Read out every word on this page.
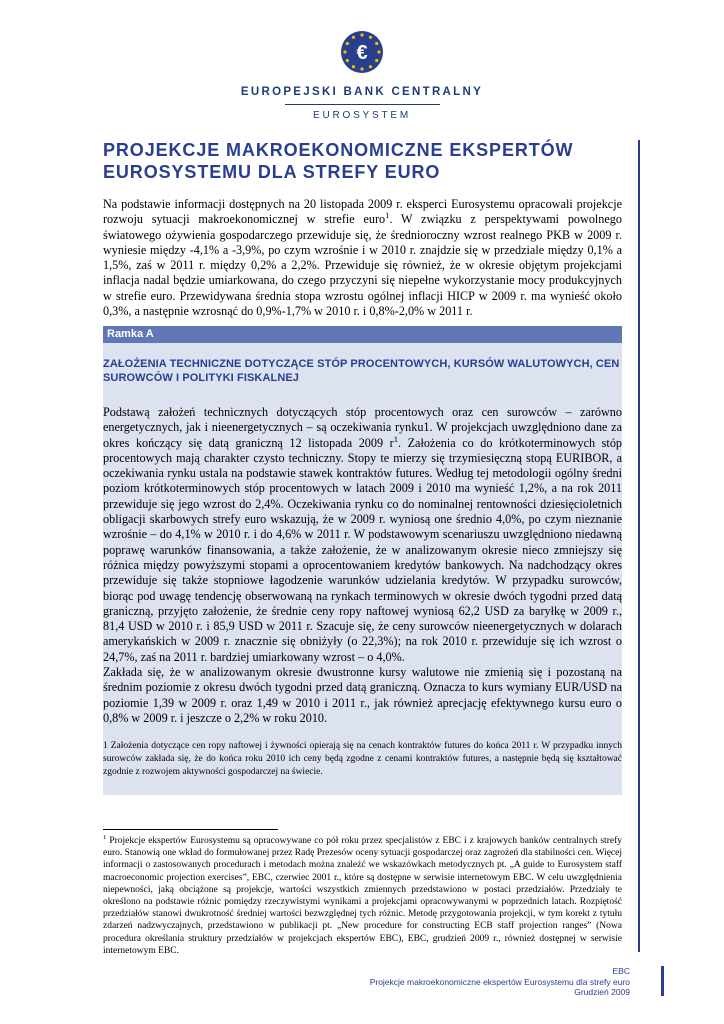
€
EUROPEJSKI BANK CENTRALNY
EUROSYSTEM
PROJEKCJE MAKROEKONOMICZNE EKSPERTÓW
EUROSYSTEMU DLA STREFY EURO

Na podstawie informacji dostępnych na 20 listopada 2009 r. eksperci Eurosystemu opracowali projekcje rozwoju sytuacji makroekonomicznej w strefie euro$^1$. W związku z perspektywami powolnego światowego ożywienia gospodarczego przewiduje się, że średnioroczny wzrost realnego PKB w 2009 r. wyniesie między -4,1% a -3,9%, po czym wzrośnie i w 2010 r. znajdzie się w przedziale między 0,1% a 1,5%, zaś w 2011 r. między 0,2% a 2,2%. Przewiduje się również, że w okresie objętym projekcjami inflacja nadal będzie umiarkowana, do czego przyczyni się niepełne wykorzystanie mocy produkcyjnych w strefie euro. Przewidywana średnia stopa wzrostu ogólnej inflacji HICP w 2009 r. ma wynieść około 0,3%, a następnie wzrosnąć do 0,9%-1,7% w 2010 r. i 0,8%-2,0% w 2011 r.

Ramka A
ZAŁOŻENIA TECHNICZNE DOTYCZĄCE STÓP PROCENTOWYCH, KURSÓW WALUTOWYCH, CEN SUROWCÓW I POLITYKI FISKALNEJ

Podstawą założeń technicznych dotyczących stóp procentowych oraz cen surowców – zarówno energetycznych, jak i nieenergetycznych – są oczekiwania rynku1. W projekcjach uwzględniono dane za okres kończący się datą graniczną 12 listopada 2009 $r^1$. Założenia co do krótkoterminowych stóp procentowych mają charakter czysto techniczny. Stopy te mierzy się trzymiesięczną stopą EURIBOR, a oczekiwania rynku ustala na podstawie stawek kontraktów futures. Według tej metodologii ogólny średni poziom krótkoterminowych stóp procentowych w latach 2009 i 2010 ma wynieść 1,2%, a na rok 2011 przewiduje się jego wzrost do 2,4%. Oczekiwania rynku co do nominalnej rentowności dziesięcioletnich obligacji skarbowych strefy euro wskazują, że w 2009 r. wyniosą one średnio 4,0%, po czym nieznanie wzrośnie – do 4,1% w 2010 r. i do 4,6% w 2011 r. W podstawowym scenariuszu uwzględniono niedawną poprawę warunków finansowania, a także założenie, że w analizowanym okresie nieco zmniejszy się różnica między powyższymi stopami a oprocentowaniem kredytów bankowych. Na nadchodzący okres przewiduje się także stopniowe łagodzenie warunków udzielania kredytów. W przypadku surowców, biorąc pod uwagę tendencję obserwowaną na rynkach terminowych w okresie dwóch tygodni przed datą graniczną, przyjęto założenie, że średnie ceny ropy naftowej wyniosą 62,2 USD za baryłkę w 2009 r., 81,4 USD w 2010 r. i 85,9 USD w 2011 r. Szacuje się, że ceny surowców nieenergetycznych w dolarach amerykańskich w 2009 r. znacznie się obniżyły (o 22,3%); na rok 2010 r. przewiduje się ich wzrost o 24,7%, zaś na 2011 r. bardziej umiarkowany wzrost – o 4,0%.

Zakłada się, że w analizowanym okresie dwustronne kursy walutowe nie zmienią się i pozostaną na średnim poziomie z okresu dwóch tygodni przed datą graniczną. Oznacza to kurs wymiany EUR/USD na poziomie 1,39 w 2009 r. oraz 1,49 w 2010 i 2011 r., jak również aprecjację efektywnego kursu euro o 0,8% w 2009 r. i jeszcze o 2,2% w roku 2010.

1 Założenia dotyczące cen ropy naftowej i żywności opierają się na cenach kontraktów futures do końca 2011 r. W przypadku innych surowców zakłada się, że do końca roku 2010 ich ceny będą zgodne z cenami kontraktów futures, a następnie będą się kształtować zgodnie z rozwojem aktywności gospodarczej na świecie.

$^1$ Projekcje ekspertów Eurosystemu są opracowywane co pół roku przez specjalistów z EBC i z krajowych banków centralnych strefy euro. Stanowią one wkład do formułowanej przez Radę Prezesów oceny sytuacji gospodarczej oraz zagrożeń dla stabilności cen. Więcej informacji o zastosowanych procedurach i metodach można znaleźć we wskazówkach metodycznych pt. „A guide to Eurosystem staff macroeconomic projection exercises”, EBC, czerwiec 2001 r., które są dostępne w serwisie internetowym EBC. W celu uwzględnienia niepewności, jaką obciążone są projekcje, wartości wszystkich zmiennych przedstawiono w postaci przedziałów. Przedziały te określono na podstawie różnic pomiędzy rzeczywistymi wynikami a projekcjami opracowywanymi w poprzednich latach. Rozpiętość przedziałów stanowi dwukrotność średniej wartości bezwzględnej tych różnic. Metodę przygotowania projekcji, w tym korekt z tytułu zdarzeń nadzwyczajnych, przedstawiono w publikacji pt. „New procedure for constructing ECB staff projection ranges” (Nowa procedura określania struktury przedziałów w projekcjach ekspertów EBC), EBC, grudzień 2009 r., również dostępnej w serwisie internetowym EBC.

EBC
Projekcje makroekonomiczne ekspertów Eurosystemu dla strefy euro
Grudzień 2009
